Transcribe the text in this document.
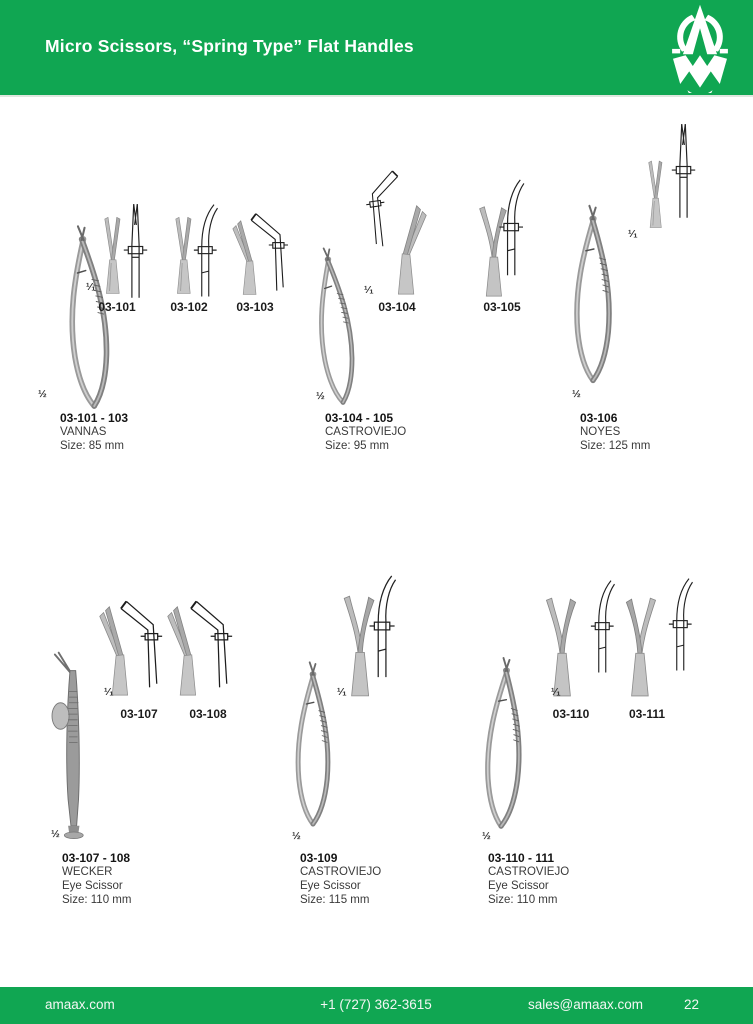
Micro Scissors, “Spring Type” Flat Handles
¹⁄₁
½
03-101	03-102	03-103
03-101 - 103
VANNAS
Size: 85 mm
¹⁄₁
½
03-104	03-105
03-104 - 105
CASTROVIEJO
Size: 95 mm
¹⁄₁
½
03-106
NOYES
Size: 125 mm
¹⁄₁
½
03-107	03-108
03-107 - 108
WECKER
Eye Scissor
Size: 110 mm
¹⁄₁
½
03-109
CASTROVIEJO
Eye Scissor
Size: 115 mm
¹⁄₁
½
03-110	03-111
03-110 - 111
CASTROVIEJO
Eye Scissor
Size: 110 mm
amaax.com	+1 (727) 362-3615	sales@amaax.com	22
